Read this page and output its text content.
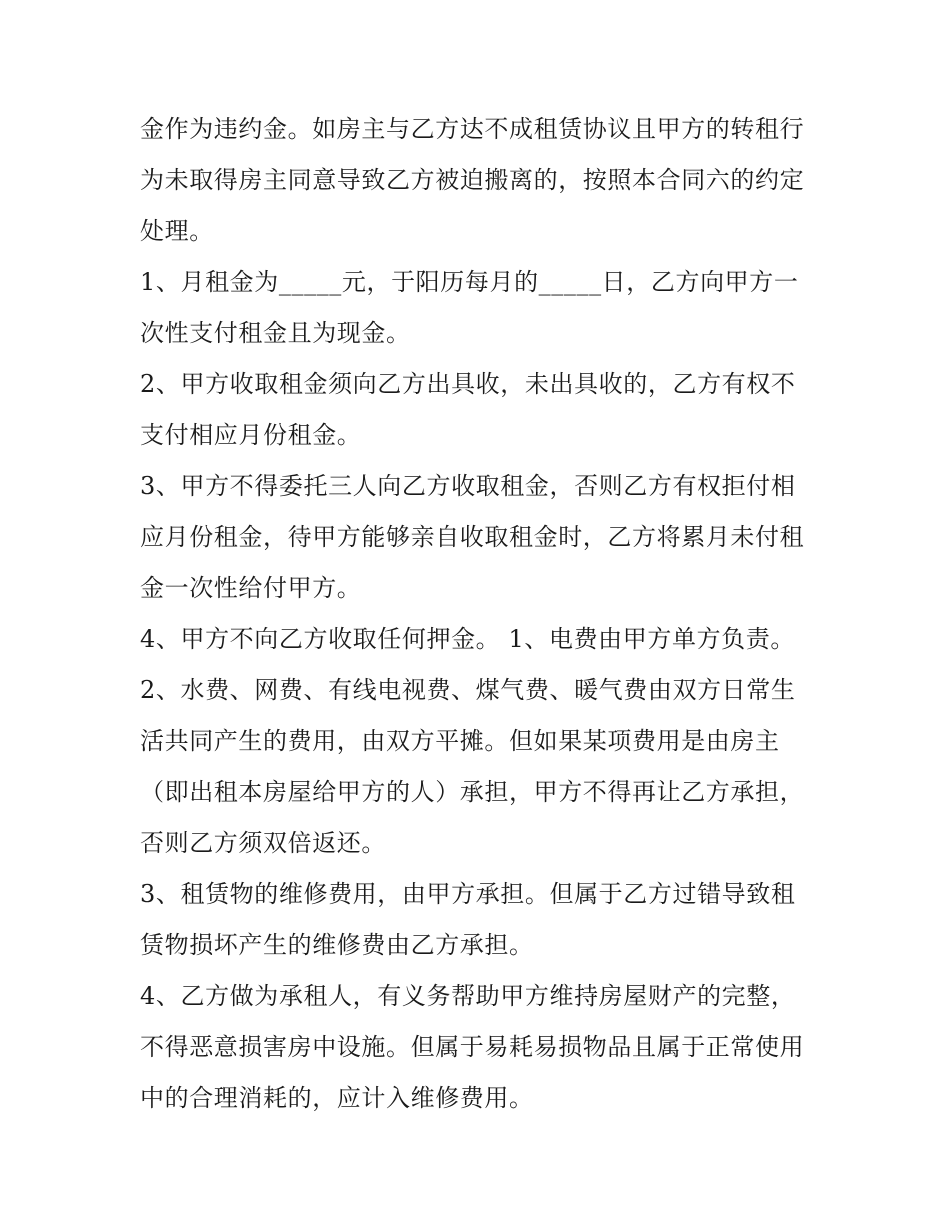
金作为违约金。如房主与乙方达不成租赁协议且甲方的转租行
为未取得房主同意导致乙方被迫搬离的，按照本合同六的约定
处理。
1、月租金为_____元，于阳历每月的_____日，乙方向甲方一
次性支付租金且为现金。
2、甲方收取租金须向乙方出具收，未出具收的，乙方有权不
支付相应月份租金。
3、甲方不得委托三人向乙方收取租金，否则乙方有权拒付相
应月份租金，待甲方能够亲自收取租金时，乙方将累月未付租
金一次性给付甲方。
4、甲方不向乙方收取任何押金。 1、电费由甲方单方负责。
2、水费、网费、有线电视费、煤气费、暖气费由双方日常生
活共同产生的费用，由双方平摊。但如果某项费用是由房主
（即出租本房屋给甲方的人）承担，甲方不得再让乙方承担，
否则乙方须双倍返还。
3、租赁物的维修费用，由甲方承担。但属于乙方过错导致租
赁物损坏产生的维修费由乙方承担。
4、乙方做为承租人，有义务帮助甲方维持房屋财产的完整，
不得恶意损害房中设施。但属于易耗易损物品且属于正常使用
中的合理消耗的，应计入维修费用。
